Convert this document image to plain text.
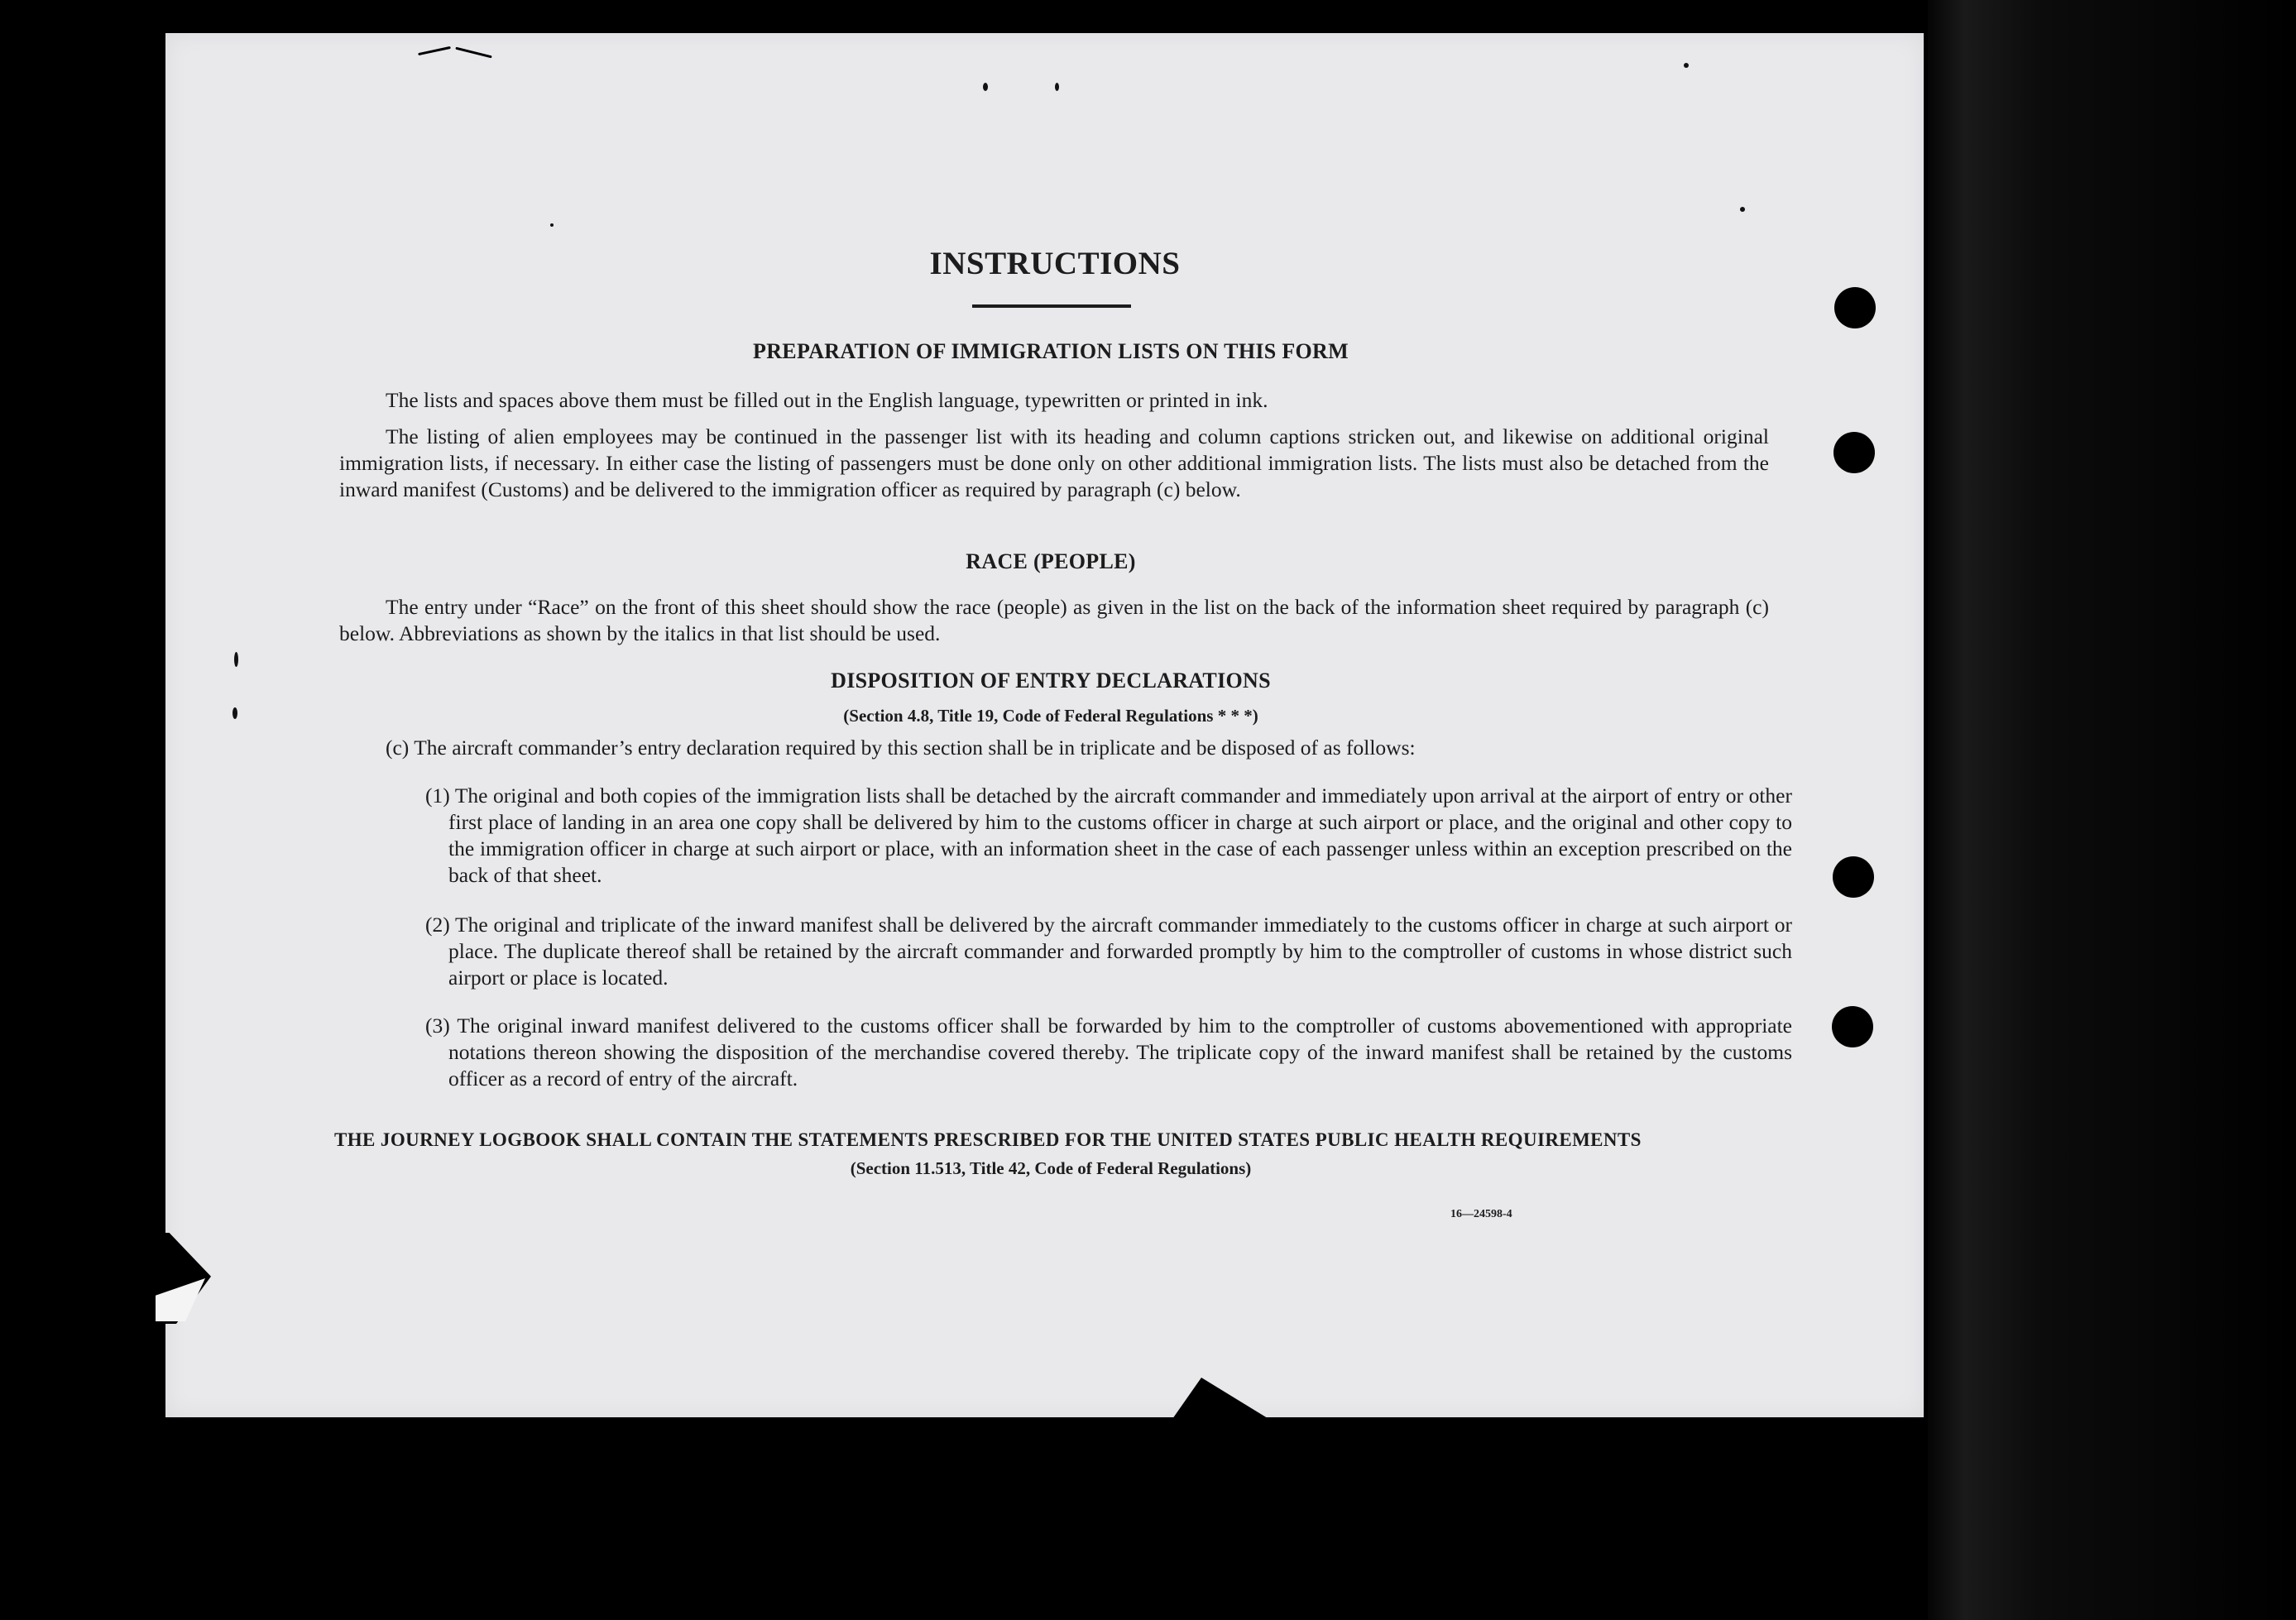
INSTRUCTIONS
PREPARATION OF IMMIGRATION LISTS ON THIS FORM

The lists and spaces above them must be filled out in the English language, typewritten or printed in ink.

The listing of alien employees may be continued in the passenger list with its heading and column captions stricken out, and likewise on additional original immigration lists, if necessary. In either case the listing of passengers must be done only on other additional immigration lists. The lists must also be detached from the inward manifest (Customs) and be delivered to the immigration officer as required by paragraph (c) below.

RACE (PEOPLE)

The entry under “Race” on the front of this sheet should show the race (people) as given in the list on the back of the information sheet required by paragraph (c) below. Abbreviations as shown by the italics in that list should be used.

DISPOSITION OF ENTRY DECLARATIONS

(Section 4.8, Title 19, Code of Federal Regulations * * *)

(c) The aircraft commander’s entry declaration required by this section shall be in triplicate and be disposed of as follows:

(1) The original and both copies of the immigration lists shall be detached by the aircraft commander and immediately upon arrival at the airport of entry or other first place of landing in an area one copy shall be delivered by him to the customs officer in charge at such airport or place, and the original and other copy to the immigration officer in charge at such airport or place, with an information sheet in the case of each passenger unless within an exception prescribed on the back of that sheet.

(2) The original and triplicate of the inward manifest shall be delivered by the aircraft commander immediately to the customs officer in charge at such airport or place. The duplicate thereof shall be retained by the aircraft commander and forwarded promptly by him to the comptroller of customs in whose district such airport or place is located.

(3) The original inward manifest delivered to the customs officer shall be forwarded by him to the comptroller of customs abovementioned with appropriate notations thereon showing the disposition of the merchandise covered thereby. The triplicate copy of the inward manifest shall be retained by the customs officer as a record of entry of the aircraft.

THE JOURNEY LOGBOOK SHALL CONTAIN THE STATEMENTS PRESCRIBED FOR THE UNITED STATES PUBLIC HEALTH REQUIREMENTS

(Section 11.513, Title 42, Code of Federal Regulations)

16—24598-4
